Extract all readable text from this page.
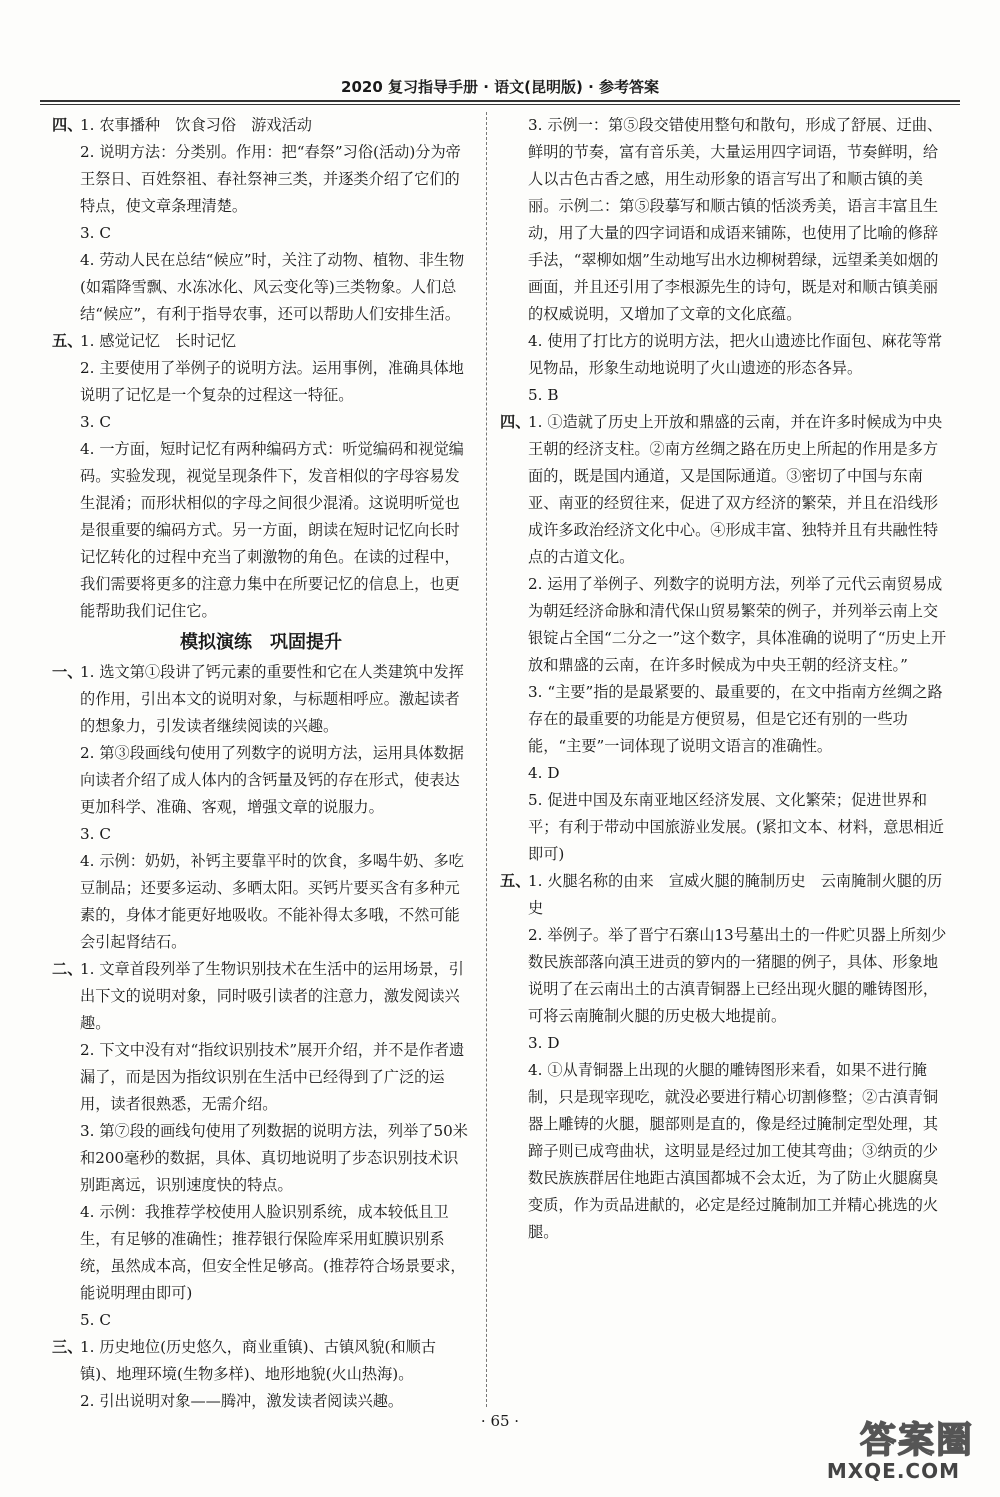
2020 复习指导手册 · 语文(昆明版) · 参考答案
四、1. 农事播种　饮食习俗　游戏活动
2. 说明方法：分类别。作用：把“春祭”习俗(活动)分为帝王祭日、百姓祭祖、春社祭神三类，并逐类介绍了它们的特点，使文章条理清楚。
3. C
4. 劳动人民在总结“候应”时，关注了动物、植物、非生物(如霜降雪飘、水冻冰化、风云变化等)三类物象。人们总结“候应”，有利于指导农事，还可以帮助人们安排生活。
五、1. 感觉记忆　长时记忆
2. 主要使用了举例子的说明方法。运用事例，准确具体地说明了记忆是一个复杂的过程这一特征。
3. C
4. 一方面，短时记忆有两种编码方式：听觉编码和视觉编码。实验发现，视觉呈现条件下，发音相似的字母容易发生混淆；而形状相似的字母之间很少混淆。这说明听觉也是很重要的编码方式。另一方面，朗读在短时记忆向长时记忆转化的过程中充当了刺激物的角色。在读的过程中，我们需要将更多的注意力集中在所要记忆的信息上，也更能帮助我们记住它。
模拟演练　巩固提升
一、1. 选文第①段讲了钙元素的重要性和它在人类建筑中发挥的作用，引出本文的说明对象，与标题相呼应。激起读者的想象力，引发读者继续阅读的兴趣。
2. 第③段画线句使用了列数字的说明方法，运用具体数据向读者介绍了成人体内的含钙量及钙的存在形式，使表达更加科学、准确、客观，增强文章的说服力。
3. C
4. 示例：奶奶，补钙主要靠平时的饮食，多喝牛奶、多吃豆制品；还要多运动、多晒太阳。买钙片要买含有多种元素的，身体才能更好地吸收。不能补得太多哦，不然可能会引起肾结石。
二、1. 文章首段列举了生物识别技术在生活中的运用场景，引出下文的说明对象，同时吸引读者的注意力，激发阅读兴趣。
2. 下文中没有对“指纹识别技术”展开介绍，并不是作者遗漏了，而是因为指纹识别在生活中已经得到了广泛的运用，读者很熟悉，无需介绍。
3. 第⑦段的画线句使用了列数据的说明方法，列举了50米和200毫秒的数据，具体、真切地说明了步态识别技术识别距离远，识别速度快的特点。
4. 示例：我推荐学校使用人脸识别系统，成本较低且卫生，有足够的准确性；推荐银行保险库采用虹膜识别系统，虽然成本高，但安全性足够高。(推荐符合场景要求，能说明理由即可)
5. C
三、1. 历史地位(历史悠久，商业重镇)、古镇风貌(和顺古镇)、地理环境(生物多样)、地形地貌(火山热海)。
2. 引出说明对象——腾冲，激发读者阅读兴趣。
3. 示例一：第⑤段交错使用整句和散句，形成了舒展、迂曲、鲜明的节奏，富有音乐美，大量运用四字词语，节奏鲜明，给人以古色古香之感，用生动形象的语言写出了和顺古镇的美丽。示例二：第⑤段摹写和顺古镇的恬淡秀美，语言丰富且生动，用了大量的四字词语和成语来铺陈，也使用了比喻的修辞手法，“翠柳如烟”生动地写出水边柳树碧绿，远望柔美如烟的画面，并且还引用了李根源先生的诗句，既是对和顺古镇美丽的权威说明，又增加了文章的文化底蕴。
4. 使用了打比方的说明方法，把火山遗迹比作面包、麻花等常见物品，形象生动地说明了火山遗迹的形态各异。
5. B
四、1. ①造就了历史上开放和鼎盛的云南，并在许多时候成为中央王朝的经济支柱。②南方丝绸之路在历史上所起的作用是多方面的，既是国内通道，又是国际通道。③密切了中国与东南亚、南亚的经贸往来，促进了双方经济的繁荣，并且在沿线形成许多政治经济文化中心。④形成丰富、独特并且有共融性特点的古道文化。
2. 运用了举例子、列数字的说明方法，列举了元代云南贸易成为朝廷经济命脉和清代保山贸易繁荣的例子，并列举云南上交银锭占全国“二分之一”这个数字，具体准确的说明了“历史上开放和鼎盛的云南，在许多时候成为中央王朝的经济支柱。”
3. “主要”指的是最紧要的、最重要的，在文中指南方丝绸之路存在的最重要的功能是方便贸易，但是它还有别的一些功能，“主要”一词体现了说明文语言的准确性。
4. D
5. 促进中国及东南亚地区经济发展、文化繁荣；促进世界和平；有利于带动中国旅游业发展。(紧扣文本、材料，意思相近即可)
五、1. 火腿名称的由来　宣威火腿的腌制历史　云南腌制火腿的历史
2. 举例子。举了晋宁石寨山13号墓出土的一件贮贝器上所刻少数民族部落向滇王进贡的箩内的一猪腿的例子，具体、形象地说明了在云南出土的古滇青铜器上已经出现火腿的雕铸图形，可将云南腌制火腿的历史极大地提前。
3. D
4. ①从青铜器上出现的火腿的雕铸图形来看，如果不进行腌制，只是现宰现吃，就没必要进行精心切割修整；②古滇青铜器上雕铸的火腿，腿部则是直的，像是经过腌制定型处理，其蹄子则已成弯曲状，这明显是经过加工使其弯曲；③纳贡的少数民族族群居住地距古滇国都城不会太近，为了防止火腿腐臭变质，作为贡品进献的，必定是经过腌制加工并精心挑选的火腿。
· 65 ·	答案圈
MXQE.COM
